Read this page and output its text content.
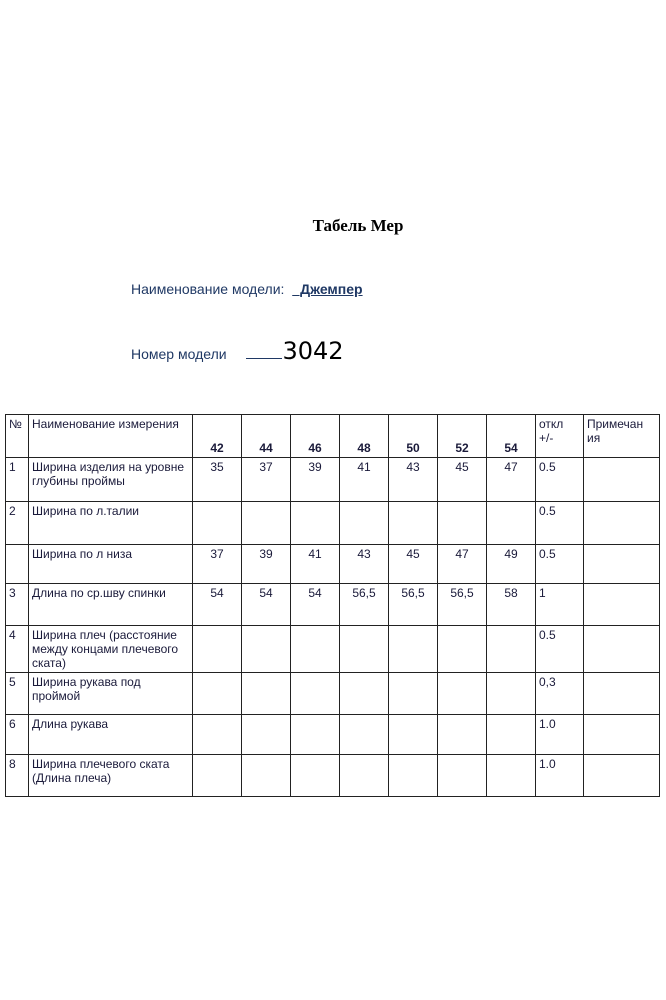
Табель Мер
Наименование модели: _Джемпер
Номер модели 3042
№	Наименование измерения	42	44	46	48	50	52	54	откл +/-	Примечан ия
1	Ширина изделия на уровне глубины проймы	35	37	39	41	43	45	47	0.5	
2	Ширина по л.талии								0.5	
	Ширина по л низа	37	39	41	43	45	47	49	0.5	
3	Длина по ср.шву спинки	54	54	54	56,5	56,5	56,5	58	1	
4	Ширина плеч (расстояние между концами плечевого ската)								0.5	
5	Ширина рукава под проймой								0,3	
6	Длина рукава								1.0	
8	Ширина плечевого ската (Длина плеча)								1.0	
